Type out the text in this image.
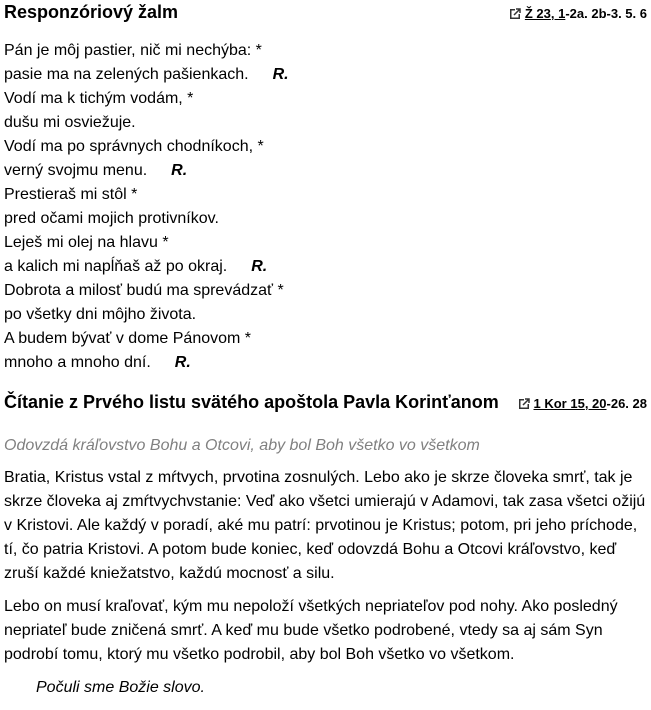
Responzóriový žalm	Ž 23 , 1 -2a. 2b-3. 5. 6
Pán je môj pastier, nič mi nechýba: *
pasie ma na zelených pašienkach. R.
Vodí ma k tichým vodám, *
dušu mi osviežuje.
Vodí ma po správnych chodníkoch, *
verný svojmu menu. R.
Prestieraš mi stôl *
pred očami mojich protivníkov.
Leješ mi olej na hlavu *
a kalich mi napĺňaš až po okraj. R.
Dobrota a milosť budú ma sprevádzať *
po všetky dni môjho života.
A budem bývať v dome Pánovom *
mnoho a mnoho dní. R.
Čítanie z Prvého listu svätého apoštola Pavla Korinťanom	1 Kor 15 , 20 -26. 28
Odovzdá kráľovstvo Bohu a Otcovi, aby bol Boh všetko vo všetkom

Bratia, Kristus vstal z mŕtvych, prvotina zosnulých. Lebo ako je skrze človeka smrť, tak je skrze človeka aj zmŕtvychvstanie: Veď ako všetci umierajú v Adamovi, tak zasa všetci ožijú v Kristovi. Ale každý v poradí, aké mu patrí: prvotinou je Kristus; potom, pri jeho príchode, tí, čo patria Kristovi. A potom bude koniec, keď odovzdá Bohu a Otcovi kráľovstvo, keď zruší každé kniežatstvo, každú mocnosť a silu.

Lebo on musí kraľovať, kým mu nepoloží všetkých nepriateľov pod nohy. Ako posledný nepriateľ bude zničená smrť. A keď mu bude všetko podrobené, vtedy sa aj sám Syn podrobí tomu, ktorý mu všetko podrobil, aby bol Boh všetko vo všetkom.

Počuli sme Božie slovo.
